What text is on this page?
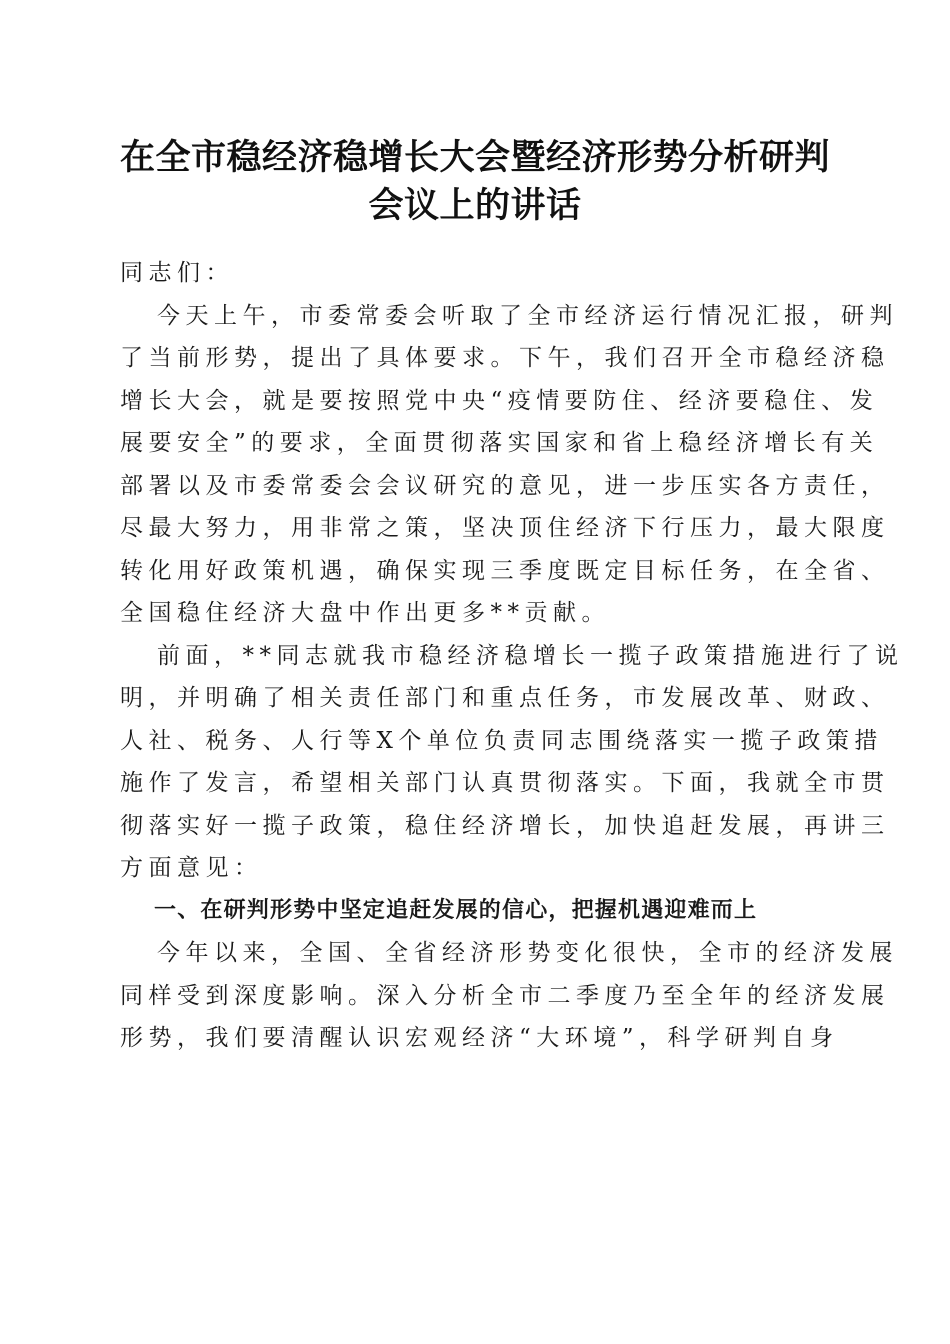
在全市稳经济稳增长大会暨经济形势分析研判
会议上的讲话

同志们：

今天上午，市委常委会听取了全市经济运行情况汇报，研判
了当前形势，提出了具体要求。下午，我们召开全市稳经济稳
增长大会，就是要按照党中央“疫情要防住、经济要稳住、发
展要安全”的要求，全面贯彻落实国家和省上稳经济增长有关
部署以及市委常委会会议研究的意见，进一步压实各方责任，
尽最大努力，用非常之策，坚决顶住经济下行压力，最大限度
转化用好政策机遇，确保实现三季度既定目标任务，在全省、
全国稳住经济大盘中作出更多**贡献。
前面，**同志就我市稳经济稳增长一揽子政策措施进行了说
明，并明确了相关责任部门和重点任务，市发展改革、财政、
人社、税务、人行等X个单位负责同志围绕落实一揽子政策措
施作了发言，希望相关部门认真贯彻落实。下面，我就全市贯
彻落实好一揽子政策，稳住经济增长，加快追赶发展，再讲三
方面意见：

一、在研判形势中坚定追赶发展的信心，把握机遇迎难而上

今年以来，全国、全省经济形势变化很快，全市的经济发展
同样受到深度影响。深入分析全市二季度乃至全年的经济发展
形势，我们要清醒认识宏观经济“大环境”，科学研判自身
